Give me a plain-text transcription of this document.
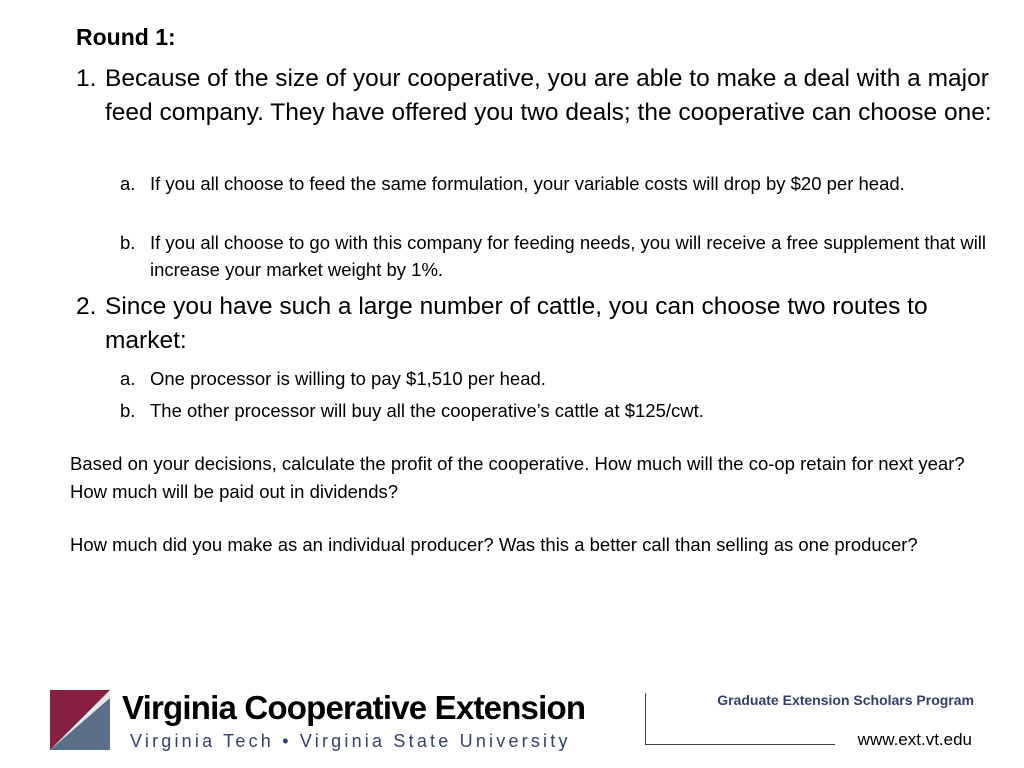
Round 1:
1. Because of the size of your cooperative, you are able to make a deal with a major feed company. They have offered you two deals; the cooperative can choose one:
a. If you all choose to feed the same formulation, your variable costs will drop by $20 per head.
b. If you all choose to go with this company for feeding needs, you will receive a free supplement that will increase your market weight by 1%.
2. Since you have such a large number of cattle, you can choose two routes to market:
a. One processor is willing to pay $1,510 per head.
b. The other processor will buy all the cooperative’s cattle at $125/cwt.
Based on your decisions, calculate the profit of the cooperative. How much will the co-op retain for next year? How much will be paid out in dividends?
How much did you make as an individual producer? Was this a better call than selling as one producer?
Virginia Cooperative Extension
Virginia Tech • Virginia State University
Graduate Extension Scholars Program
www.ext.vt.edu
